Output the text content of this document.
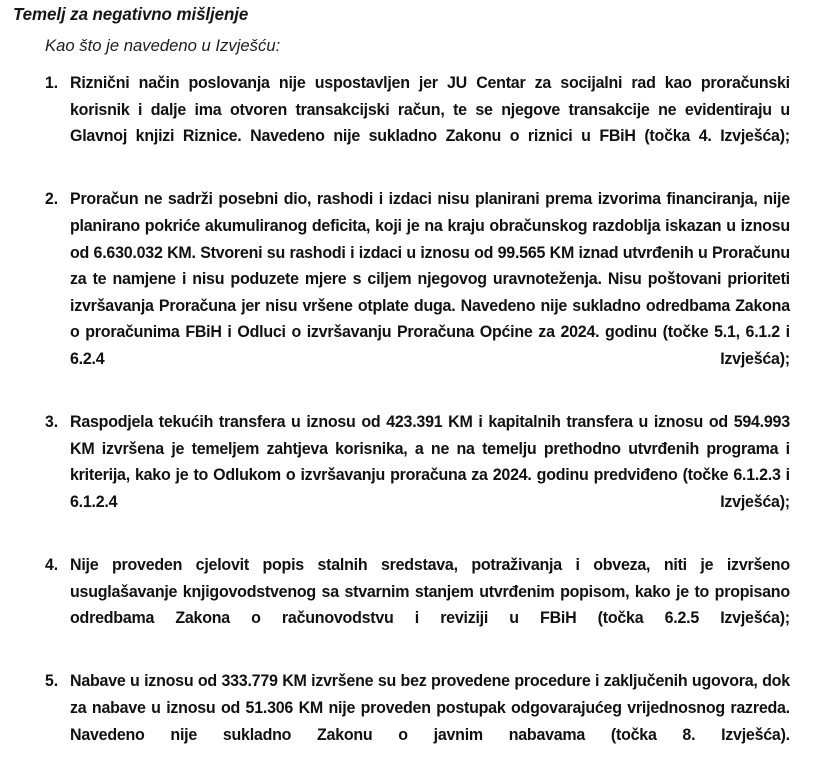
Temelj za negativno mišljenje
Kao što je navedeno u Izvješću:
1. Riznični način poslovanja nije uspostavljen jer JU Centar za socijalni rad kao proračunski korisnik i dalje ima otvoren transakcijski račun, te se njegove transakcije ne evidentiraju u Glavnoj knjizi Riznice. Navedeno nije sukladno Zakonu o riznici u FBiH (točka 4. Izvješća);
2. Proračun ne sadrži posebni dio, rashodi i izdaci nisu planirani prema izvorima financiranja, nije planirano pokriće akumuliranog deficita, koji je na kraju obračunskog razdoblja iskazan u iznosu od 6.630.032 KM. Stvoreni su rashodi i izdaci u iznosu od 99.565 KM iznad utvrđenih u Proračunu za te namjene i nisu poduzete mjere s ciljem njegovog uravnoteženja. Nisu poštovani prioriteti izvršavanja Proračuna jer nisu vršene otplate duga. Navedeno nije sukladno odredbama Zakona o proračunima FBiH i Odluci o izvršavanju Proračuna Općine za 2024. godinu (točke 5.1, 6.1.2 i 6.2.4 Izvješća);
3. Raspodjela tekućih transfera u iznosu od 423.391 KM i kapitalnih transfera u iznosu od 594.993 KM izvršena je temeljem zahtjeva korisnika, a ne na temelju prethodno utvrđenih programa i kriterija, kako je to Odlukom o izvršavanju proračuna za 2024. godinu predviđeno (točke 6.1.2.3 i 6.1.2.4 Izvješća);
4. Nije proveden cjelovit popis stalnih sredstava, potraživanja i obveza, niti je izvršeno usuglašavanje knjigovodstvenog sa stvarnim stanjem utvrđenim popisom, kako je to propisano odredbama Zakona o računovodstvu i reviziji u FBiH (točka 6.2.5 Izvješća);
5. Nabave u iznosu od 333.779 KM izvršene su bez provedene procedure i zaključenih ugovora, dok za nabave u iznosu od 51.306 KM nije proveden postupak odgovarajućeg vrijednosnog razreda. Navedeno nije sukladno Zakonu o javnim nabavama (točka 8. Izvješća).
